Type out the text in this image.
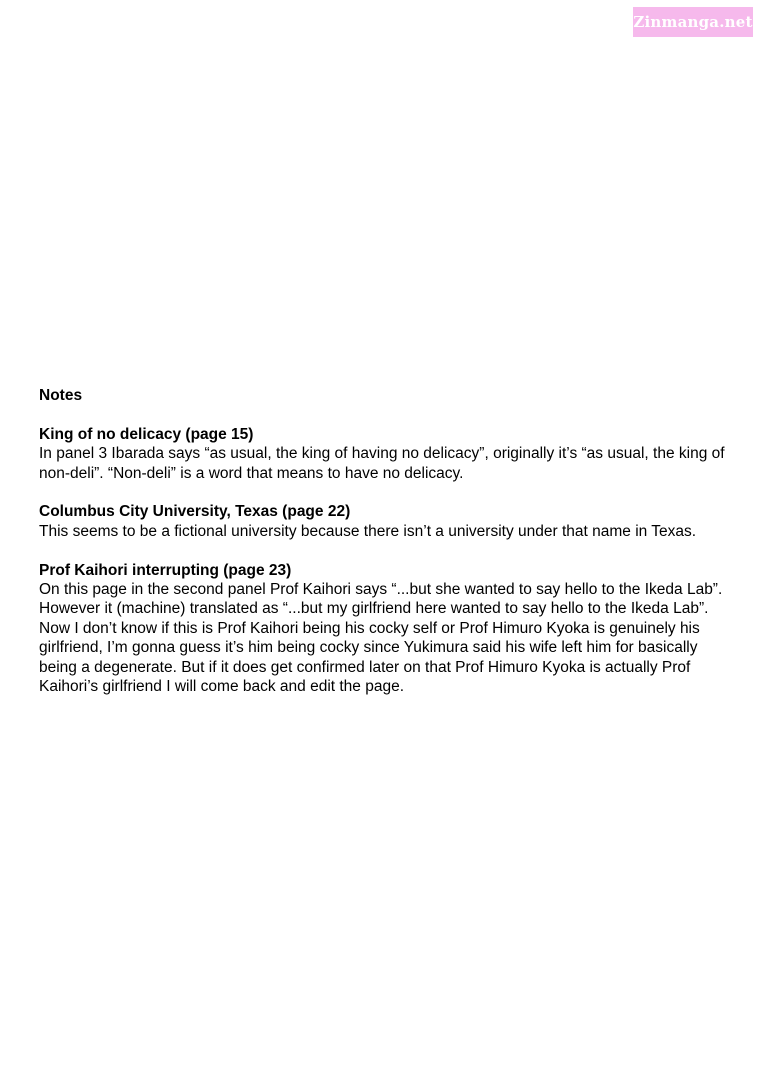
Zinmanga.net
Notes
King of no delicacy (page 15)
In panel 3 Ibarada says “as usual, the king of having no delicacy”, originally it’s “as usual, the king of non-deli”. “Non-deli” is a word that means to have no delicacy.
Columbus City University, Texas (page 22)
This seems to be a fictional university because there isn’t a university under that name in Texas.
Prof Kaihori interrupting (page 23)
On this page in the second panel Prof Kaihori says “...but she wanted to say hello to the Ikeda Lab”. However it (machine) translated as “...but my girlfriend here wanted to say hello to the Ikeda Lab”. Now I don’t know if this is Prof Kaihori being his cocky self or Prof Himuro Kyoka is genuinely his girlfriend, I’m gonna guess it’s him being cocky since Yukimura said his wife left him for basically being a degenerate. But if it does get confirmed later on that Prof Himuro Kyoka is actually Prof Kaihori’s girlfriend I will come back and edit the page.
